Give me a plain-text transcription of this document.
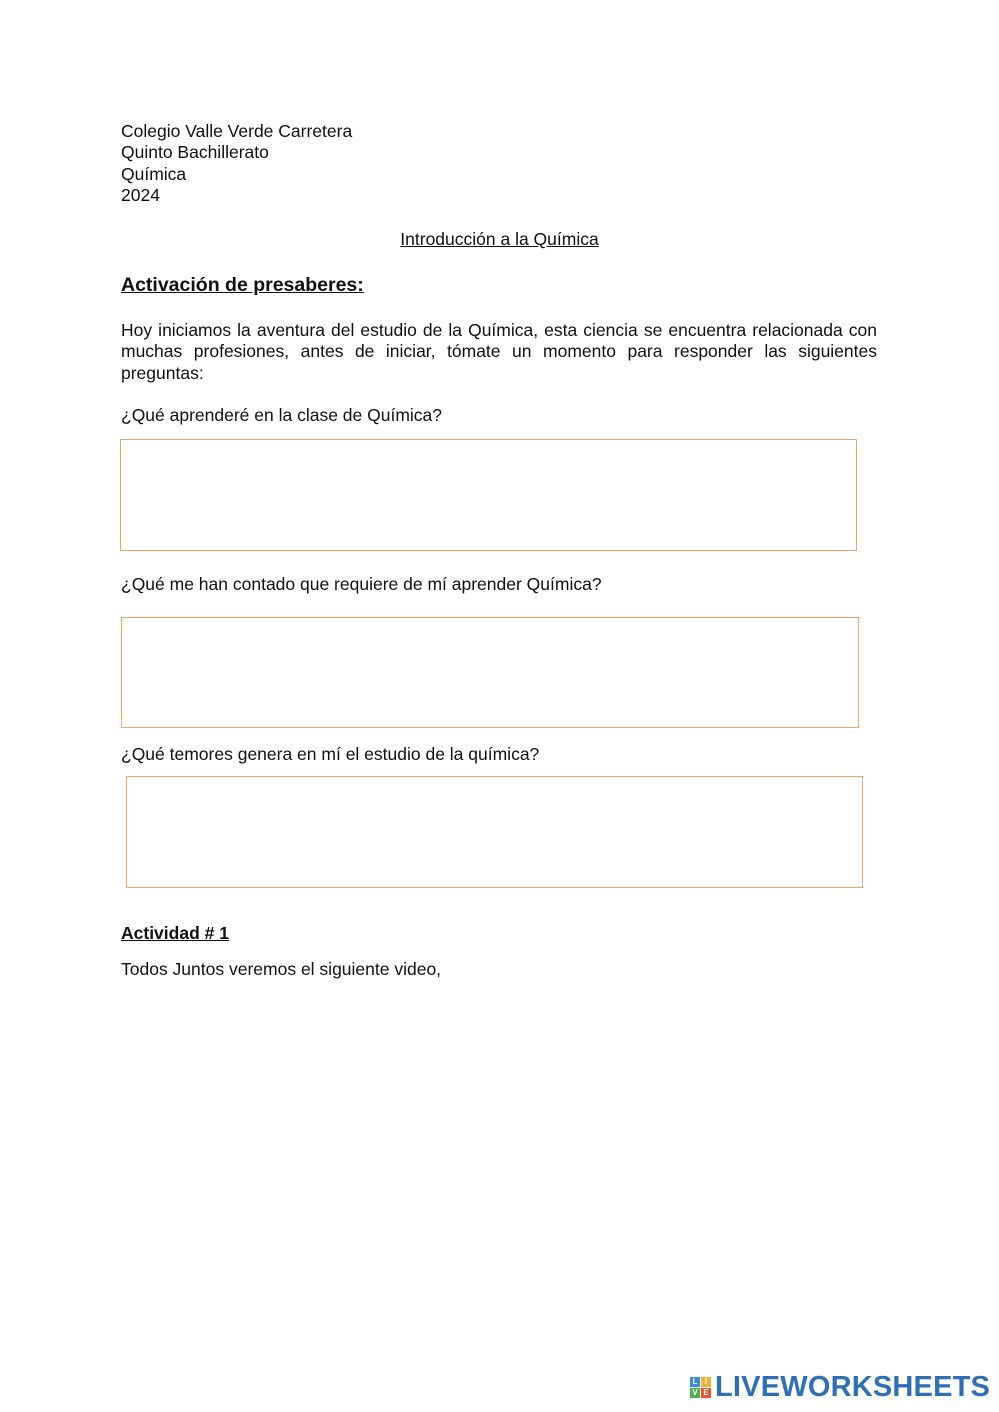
Colegio Valle Verde Carretera
Quinto Bachillerato
Química
2024
Introducción a la Química
Activación de presaberes:
Hoy iniciamos la aventura del estudio de la Química, esta ciencia se encuentra relacionada con muchas profesiones, antes de iniciar, tómate un momento para responder las siguientes preguntas:
¿Qué aprenderé en la clase de Química?
¿Qué me han contado que requiere de mí aprender Química?
¿Qué temores genera en mí el estudio de la química?
Actividad # 1
Todos Juntos veremos el siguiente video,
L I
V E LIVEWORKSHEETS
